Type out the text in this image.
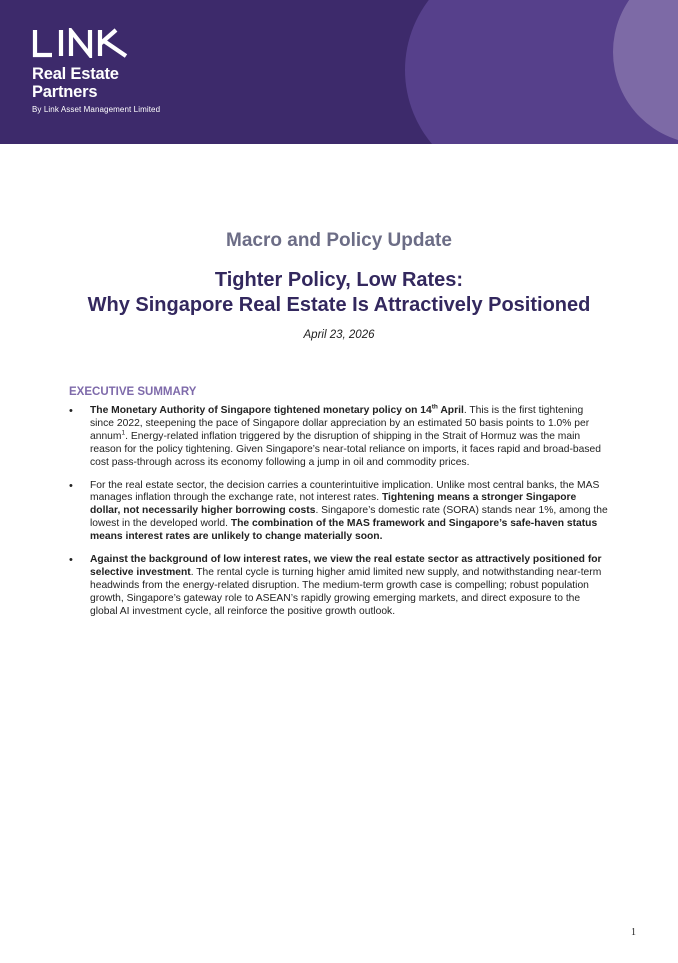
Real Estate
Partners
By Link Asset Management Limited
Macro and Policy Update
Tighter Policy, Low Rates:
Why Singapore Real Estate Is Attractively Positioned
April 23, 2026
EXECUTIVE SUMMARY
• The Monetary Authority of Singapore tightened monetary policy on 14th April. This is the first tightening since 2022, steepening the pace of Singapore dollar appreciation by an estimated 50 basis points to 1.0% per annum$^1$. Energy-related inflation triggered by the disruption of shipping in the Strait of Hormuz was the main reason for the policy tightening. Given Singapore’s near-total reliance on imports, it faces rapid and broad-based cost pass-through across its economy following a jump in oil and commodity prices.
• For the real estate sector, the decision carries a counterintuitive implication. Unlike most central banks, the MAS manages inflation through the exchange rate, not interest rates. Tightening means a stronger Singapore dollar, not necessarily higher borrowing costs. Singapore’s domestic rate (SORA) stands near 1%, among the lowest in the developed world. The combination of the MAS framework and Singapore’s safe-haven status means interest rates are unlikely to change materially soon.
• Against the background of low interest rates, we view the real estate sector as attractively positioned for selective investment. The rental cycle is turning higher amid limited new supply, and notwithstanding near-term headwinds from the energy-related disruption. The medium-term growth case is compelling; robust population growth, Singapore’s gateway role to ASEAN’s rapidly growing emerging markets, and direct exposure to the global AI investment cycle, all reinforce the positive growth outlook.
1
